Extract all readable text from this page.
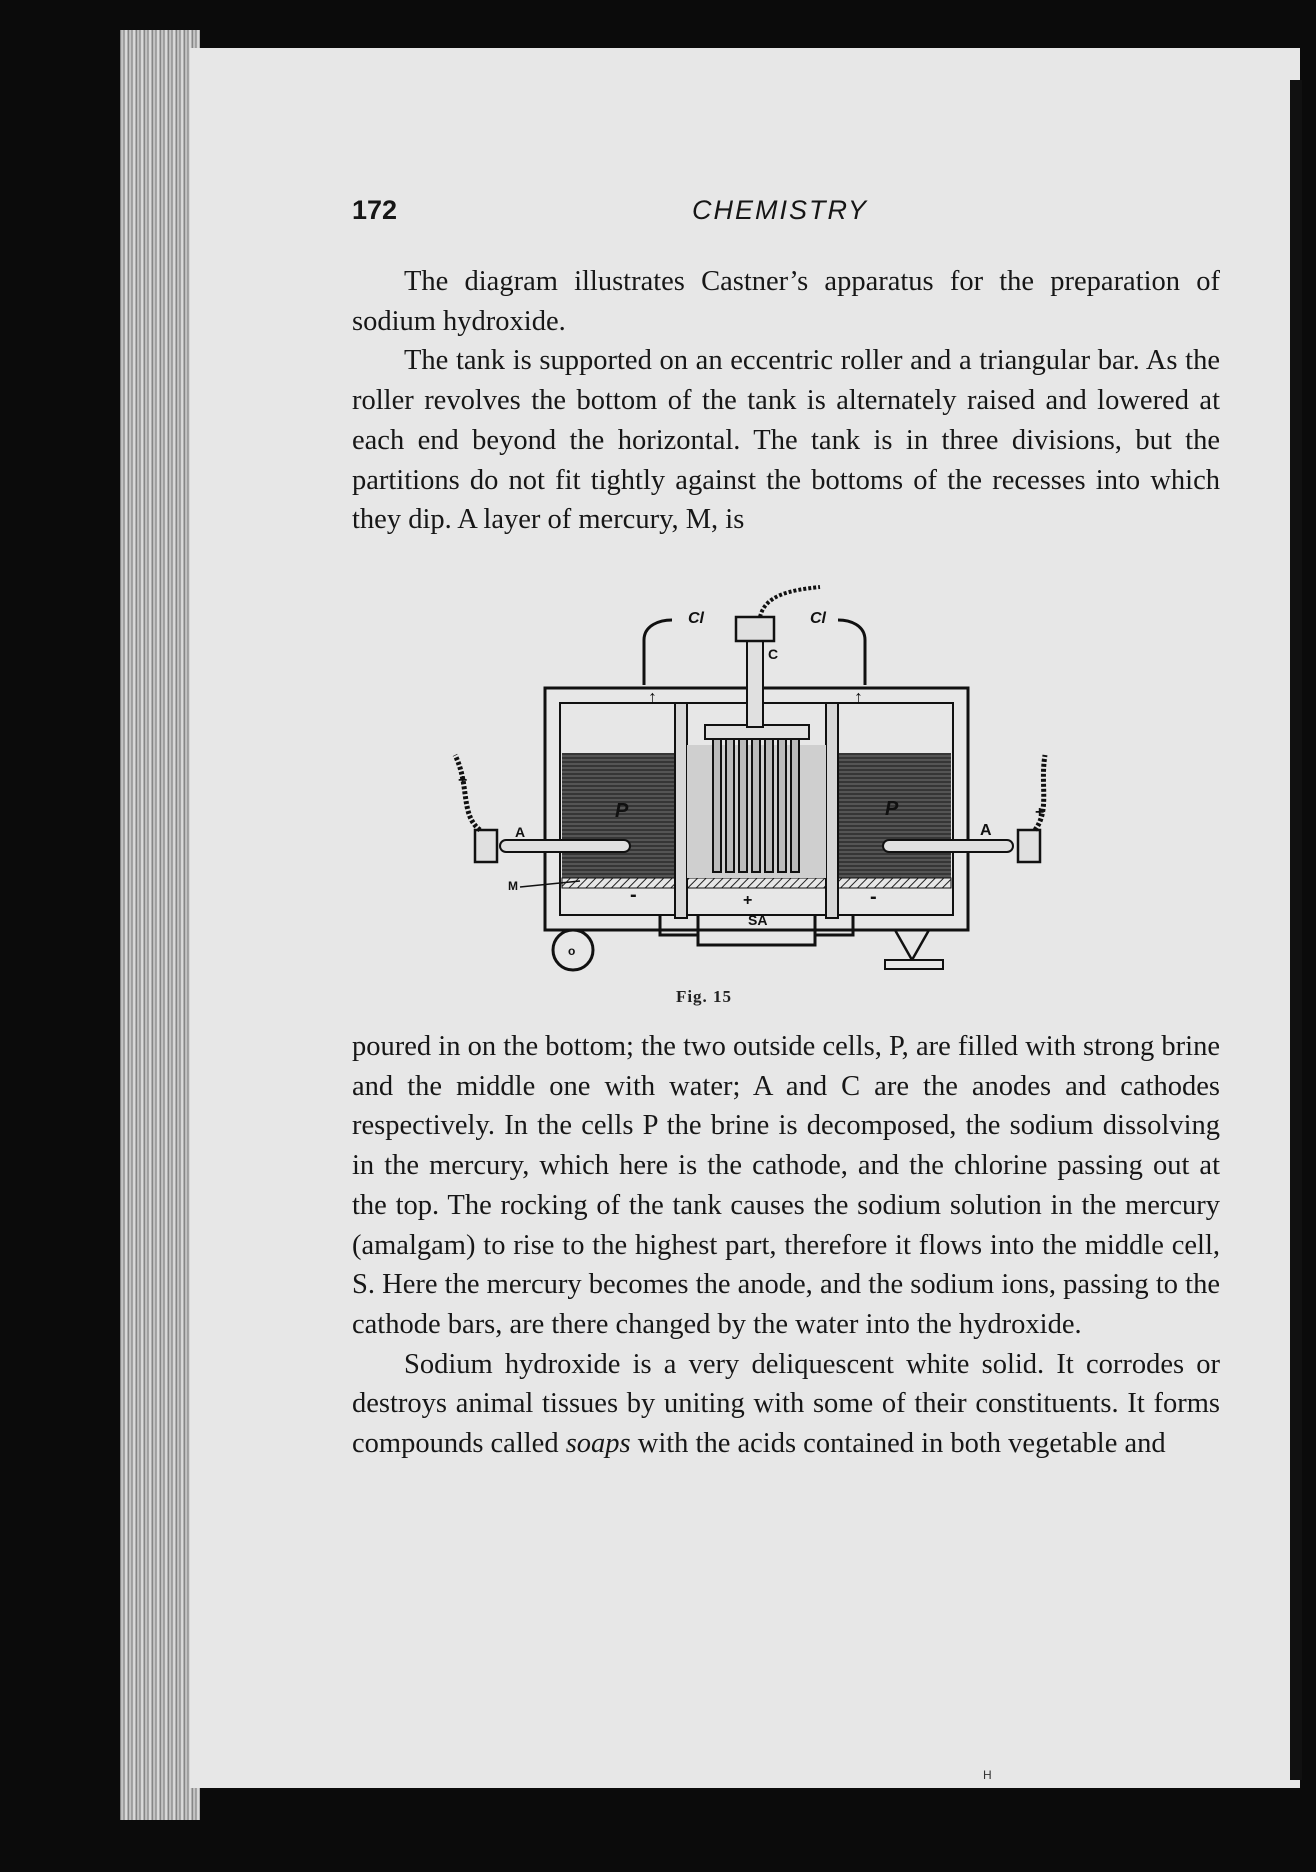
172	CHEMISTRY

The diagram illustrates Castner’s apparatus for the preparation of sodium hydroxide.

The tank is supported on an eccentric roller and a triangular bar. As the roller revolves the bottom of the tank is alternately raised and lowered at each end beyond the horizontal. The tank is in three divisions, but the partitions do not fit tightly against the bottoms of the recesses into which they dip. A layer of mercury, M, is

Cl	Cl
C
↑	↑
+
+
A	A
P	P
M	-	-
+
SA
o
Fig. 15

poured in on the bottom; the two outside cells, P, are filled with strong brine and the middle one with water; A and C are the anodes and cathodes respectively. In the cells P the brine is decomposed, the sodium dissolving in the mercury, which here is the cathode, and the chlorine passing out at the top. The rocking of the tank causes the sodium solution in the mercury (amalgam) to rise to the highest part, therefore it flows into the middle cell, S. Here the mercury becomes the anode, and the sodium ions, passing to the cathode bars, are there changed by the water into the hydroxide.

Sodium hydroxide is a very deliquescent white solid. It corrodes or destroys animal tissues by uniting with some of their constituents. It forms compounds called soaps with the acids contained in both vegetable and

H
